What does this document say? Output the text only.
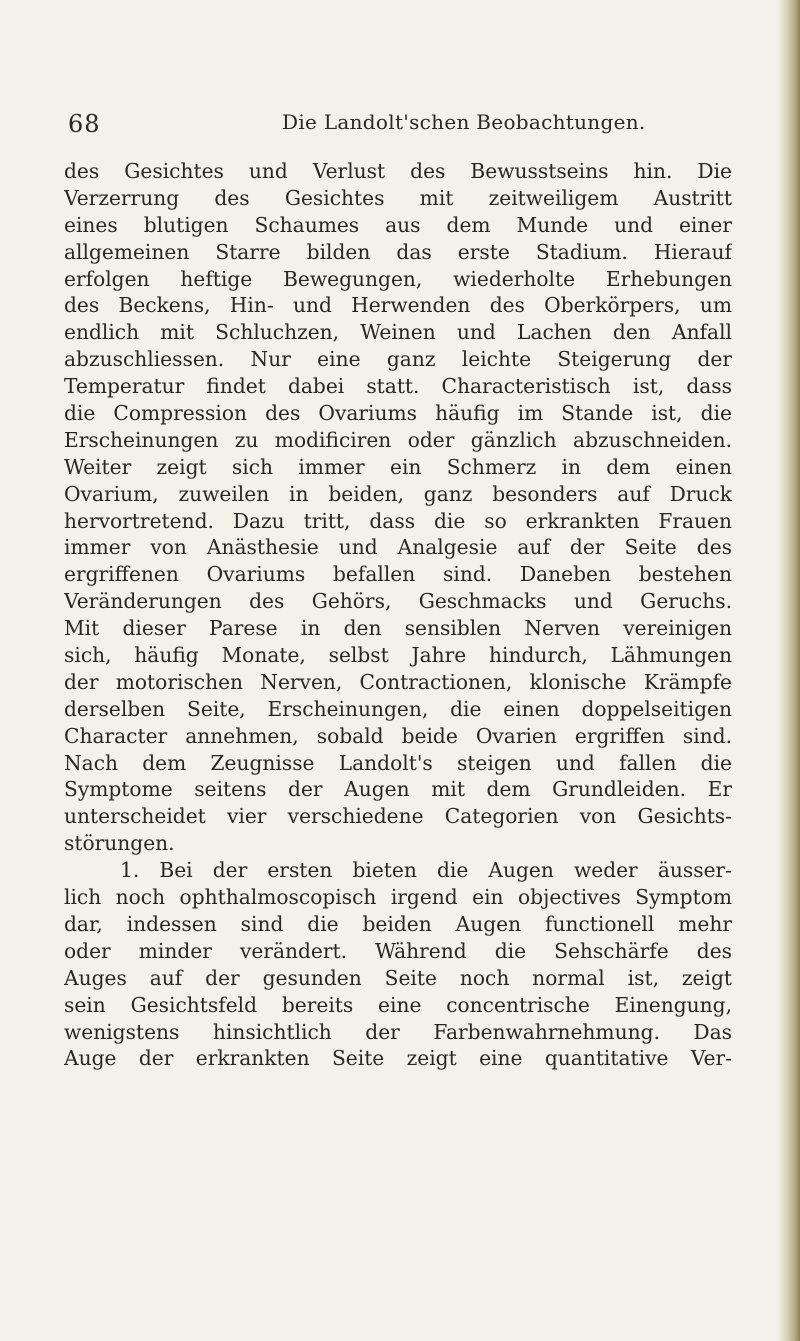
68	Die Landolt'schen Beobachtungen.
des Gesichtes und Verlust des Bewusstseins hin. Die
Verzerrung des Gesichtes mit zeitweiligem Austritt
eines blutigen Schaumes aus dem Munde und einer
allgemeinen Starre bilden das erste Stadium. Hierauf
erfolgen heftige Bewegungen, wiederholte Erhebungen
des Beckens, Hin- und Herwenden des Oberkörpers, um
endlich mit Schluchzen, Weinen und Lachen den Anfall
abzuschliessen. Nur eine ganz leichte Steigerung der
Temperatur findet dabei statt. Characteristisch ist, dass
die Compression des Ovariums häufig im Stande ist, die
Erscheinungen zu modificiren oder gänzlich abzuschneiden.
Weiter zeigt sich immer ein Schmerz in dem einen
Ovarium, zuweilen in beiden, ganz besonders auf Druck
hervortretend. Dazu tritt, dass die so erkrankten Frauen
immer von Anästhesie und Analgesie auf der Seite des
ergriffenen Ovariums befallen sind. Daneben bestehen
Veränderungen des Gehörs, Geschmacks und Geruchs.
Mit dieser Parese in den sensiblen Nerven vereinigen
sich, häufig Monate, selbst Jahre hindurch, Lähmungen
der motorischen Nerven, Contractionen, klonische Krämpfe
derselben Seite, Erscheinungen, die einen doppelseitigen
Character annehmen, sobald beide Ovarien ergriffen sind.
Nach dem Zeugnisse Landolt's steigen und fallen die
Symptome seitens der Augen mit dem Grundleiden. Er
unterscheidet vier verschiedene Categorien von Gesichts-
störungen.
1. Bei der ersten bieten die Augen weder äusser-
lich noch ophthalmoscopisch irgend ein objectives Symptom
dar, indessen sind die beiden Augen functionell mehr
oder minder verändert. Während die Sehschärfe des
Auges auf der gesunden Seite noch normal ist, zeigt
sein Gesichtsfeld bereits eine concentrische Einengung,
wenigstens hinsichtlich der Farbenwahrnehmung. Das
Auge der erkrankten Seite zeigt eine quantitative Ver-
